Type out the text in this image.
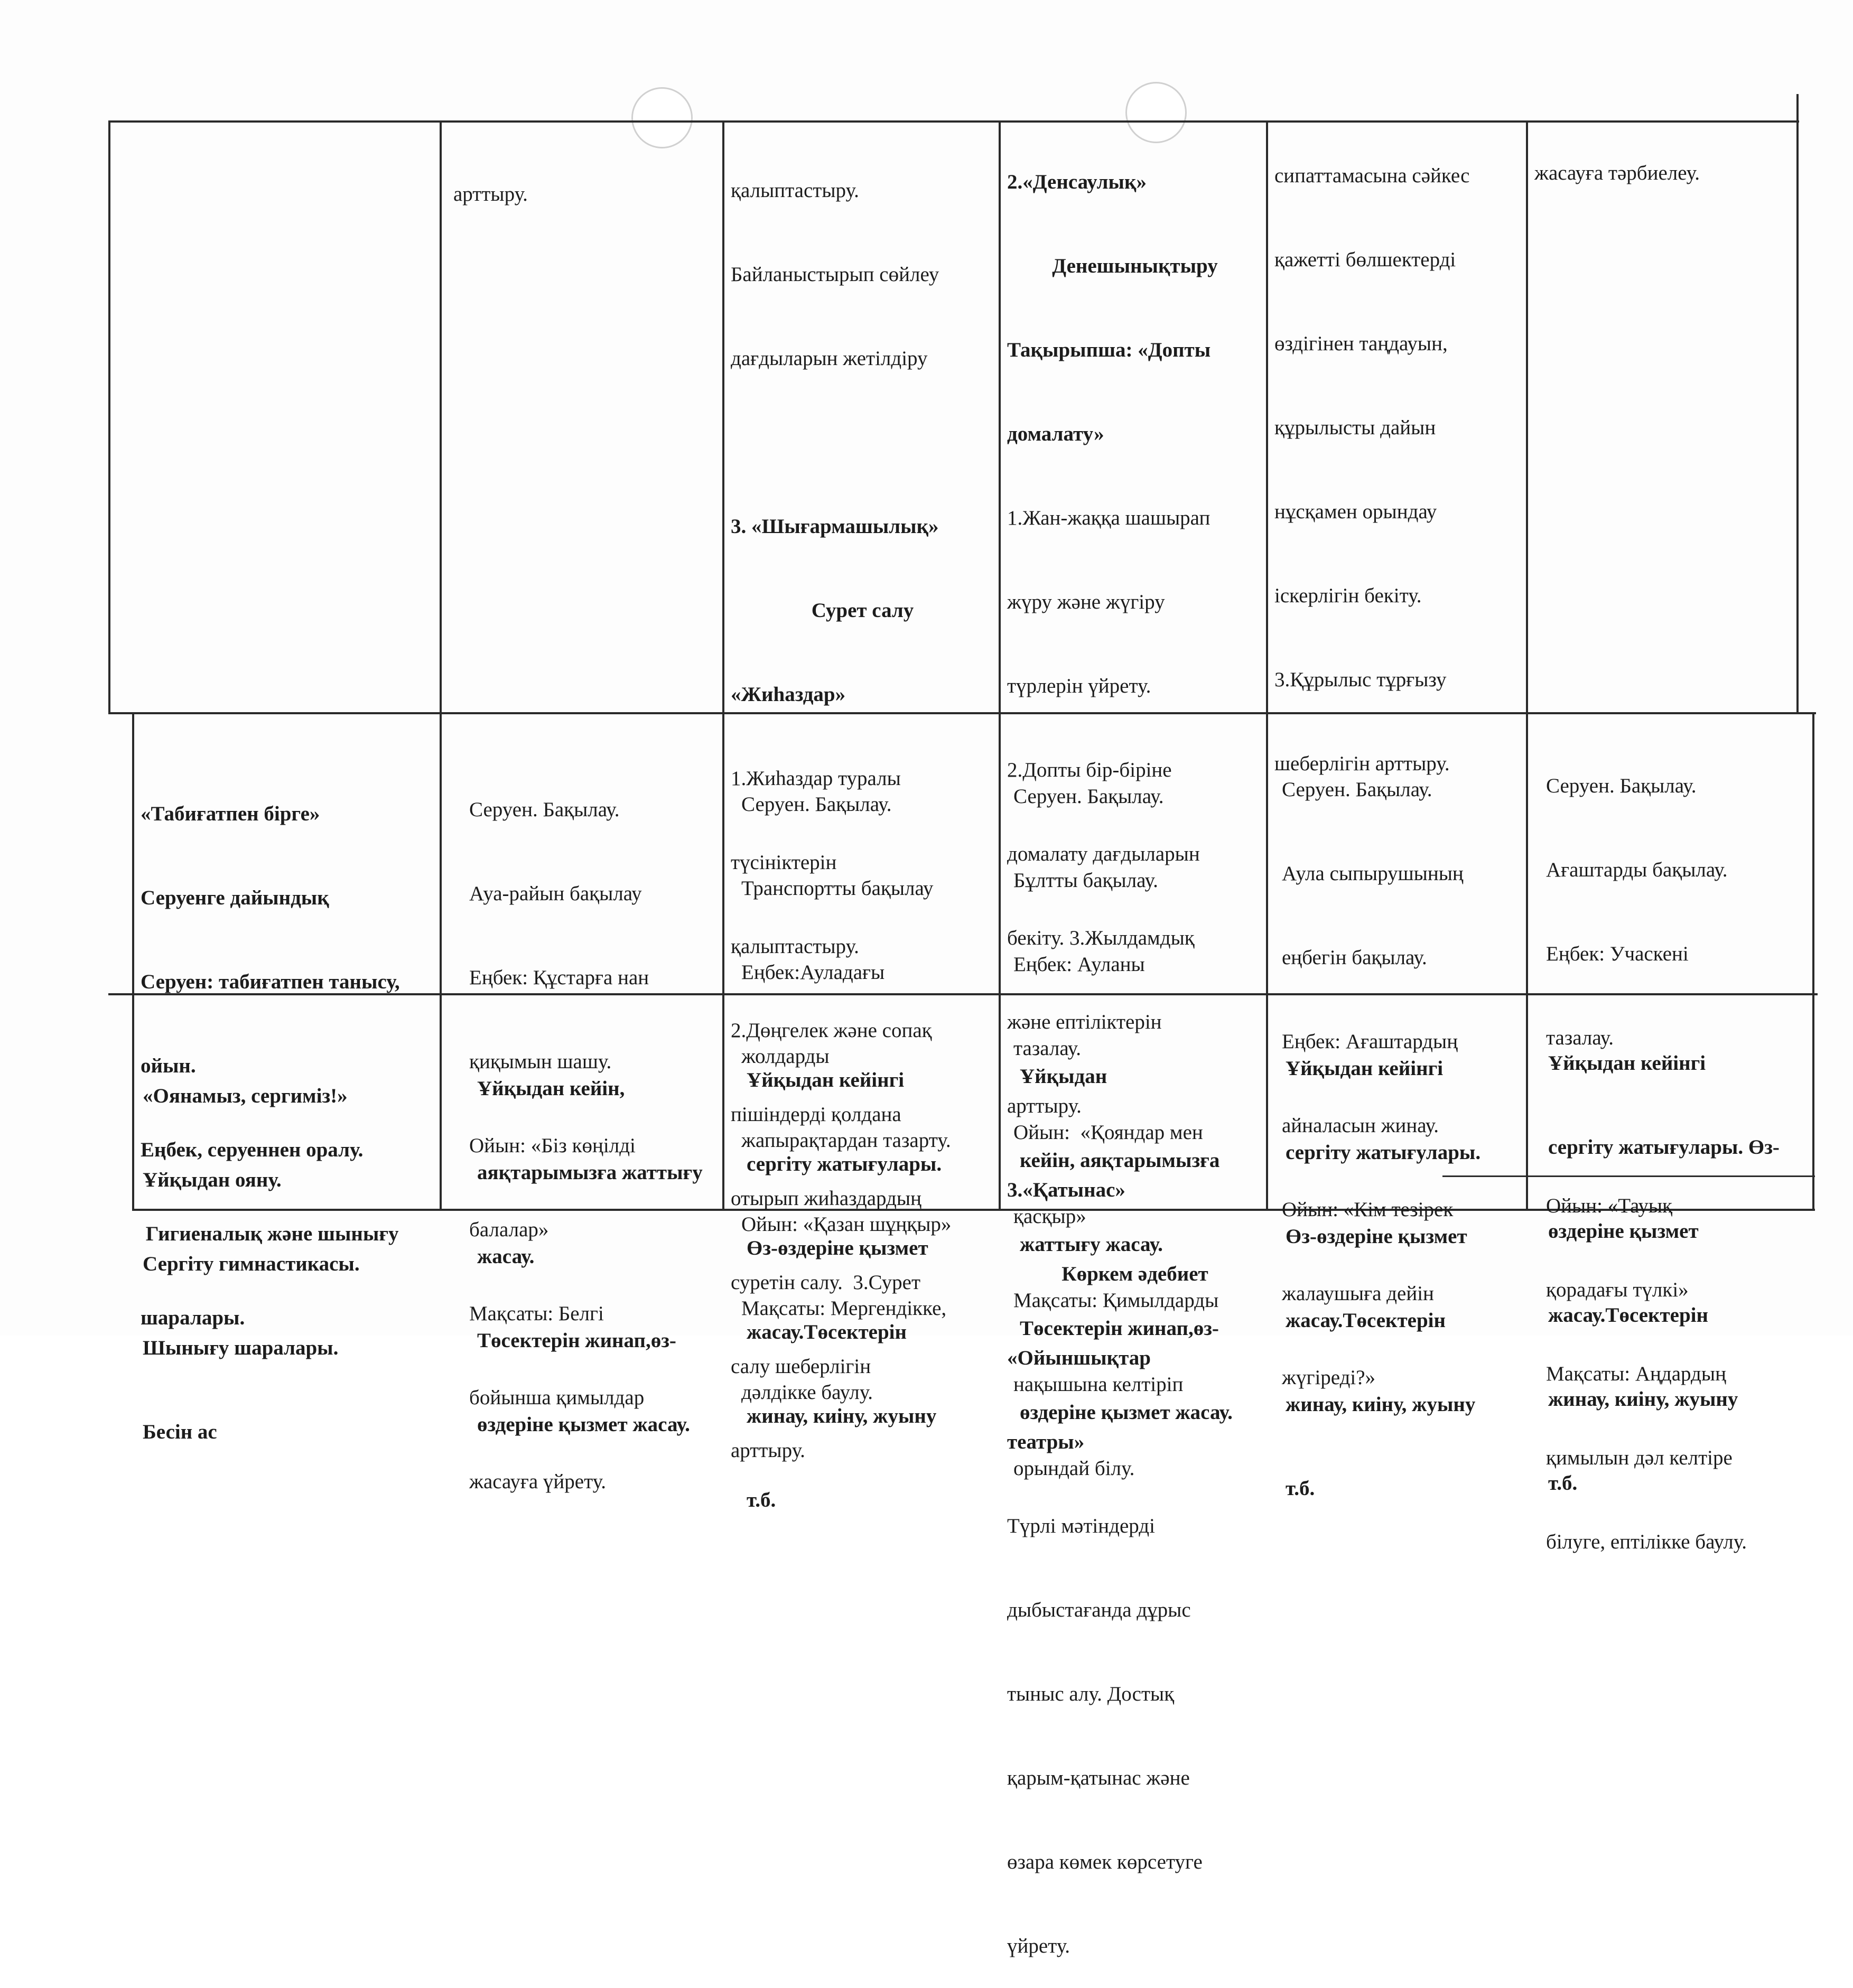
арттыру.

	қалыптастыру.

Байланыстырып сөйлеу

дағдыларын жетілдіру

3. «Шығармашылық»

Сурет салу

«Жиһаздар»

1.Жиһаздар туралы

түсініктерін

қалыптастыру.

2.Дөңгелек және сопақ

пішіндерді қолдана

отырып жиһаздардың

суретін салу.  3.Сурет

салу шеберлігін

арттыру.

2.«Денсаулық»

Денешынықтыру

Тақырыпша: «Допты

домалату»

1.Жан-жаққа шашырап

жүру және жүгіру

түрлерін үйрету.

2.Допты бір-біріне

домалату дағдыларын

бекіту. 3.Жылдамдық

және ептіліктерін

арттыру.

3.«Қатынас»

Көркем әдебиет

«Ойыншықтар

театры»

Түрлі мәтіндерді

дыбыстағанда дұрыс

тыныс алу. Достық

қарым-қатынас және

өзара көмек көрсетуге

үйрету.

сипаттамасына сәйкес

қажетті бөлшектерді

өздігінен таңдауын,

құрылысты дайын

нұсқамен орындау

іскерлігін бекіту.

3.Құрылыс тұрғызу

шеберлігін арттыру.

жасауға тәрбиелеу.

«Табиғатпен бірге»

Серуенге дайындық

Серуен: табиғатпен танысу,

ойын.

Еңбек, серуеннен оралу.

Гигиеналық және шынығу

шаралары.

Серуен. Бақылау.

Ауа-райын бақылау

Еңбек: Құстарға нан

қиқымын шашу.

Ойын: «Біз көңілді

балалар»

Мақсаты: Белгі

бойынша қимылдар

жасауға үйрету.

Серуен. Бақылау.

Транспортты бақылау

Еңбек:Ауладағы

жолдарды

жапырақтардан тазарту.

Ойын: «Қазан шұңқыр»

Мақсаты: Мергендікке,

дәлдікке баулу.

Серуен. Бақылау.

Бұлтты бақылау.

Еңбек: Ауланы

тазалау.

Ойын:  «Қояндар мен

қасқыр»

Мақсаты: Қимылдарды

нақышына келтіріп

орындай білу.

Серуен. Бақылау.

Аула сыпырушының

еңбегін бақылау.

Еңбек: Ағаштардың

айналасын жинау.

Ойын: «Кім тезірек

жалаушыға дейін

жүгіреді?»

Серуен. Бақылау.

Ағаштарды бақылау.

Еңбек: Учаскені

тазалау.

Ойын: «Тауық

қорадағы түлкі»

Мақсаты: Аңдардың

қимылын дәл келтіре

білуге, ептілікке баулу.

«Оянамыз, сергиміз!»

Ұйқыдан ояну.

Сергіту гимнастикасы.

Шынығу шаралары.

Бесін ас

Ұйқыдан кейін,

аяқтарымызға жаттығу

жасау.

Төсектерін жинап,өз-

өздеріне қызмет жасау.

Ұйқыдан кейінгі

сергіту жатығулары.

Өз-өздеріне қызмет

жасау.Төсектерін

жинау, киіну, жуыну

т.б.

Ұйқыдан

кейін, аяқтарымызға

жаттығу жасау.

Төсектерін жинап,өз-

өздеріне қызмет жасау.

Ұйқыдан кейінгі

сергіту жатығулары.

Өз-өздеріне қызмет

жасау.Төсектерін

жинау, киіну, жуыну

т.б.

Ұйқыдан кейінгі

сергіту жатығулары. Өз-

өздеріне қызмет

жасау.Төсектерін

жинау, киіну, жуыну

т.б.
